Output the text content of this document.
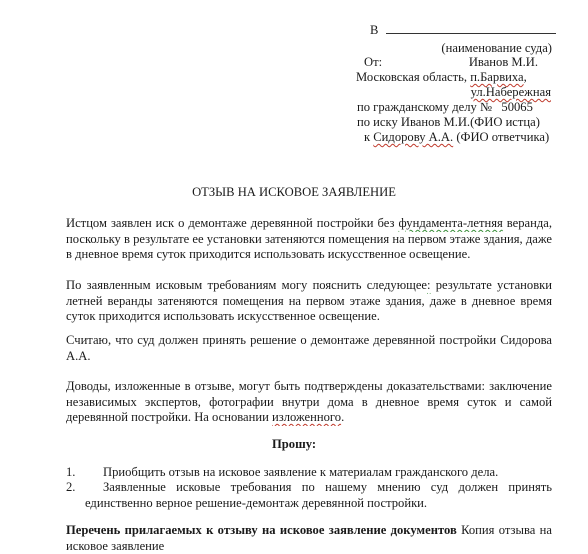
В
(наименование суда)
От:	Иванов М.И.
Московская область, п.Барвиха,
ул.Набережная
по гражданскому делу №   50065
по иску Иванов М.И.(ФИО истца)
к Сидорову А.А. (ФИО ответчика)
ОТЗЫВ НА ИСКОВОЕ ЗАЯВЛЕНИЕ
Истцом заявлен иск о демонтаже деревянной постройки без фундамента-летняя веранда,
поскольку в результате ее установки затеняются помещения на первом этаже здания, даже
в дневное время суток приходится использовать искусственное освещение.
По заявленным исковым требованиям могу пояснить следующее: результате установки
летней веранды затеняются помещения на первом этаже здания, даже в дневное время
суток приходится использовать искусственное освещение.
Считаю, что суд должен принять решение о демонтаже деревянной постройки Сидорова
А.А.
Доводы, изложенные в отзыве, могут быть подтверждены доказательствами: заключение
независимых экспертов, фотографии внутри дома в дневное время суток и самой
деревянной постройки. На основании изложенного.
Прошу:
1. Приобщить отзыв на исковое заявление к материалам гражданского дела.
2. Заявленные исковые требования по нашему мнению суд должен принять
единственно верное решение-демонтаж деревянной постройки.
Перечень прилагаемых к отзыву на исковое заявление документов Копия отзыва на
исковое заявление
